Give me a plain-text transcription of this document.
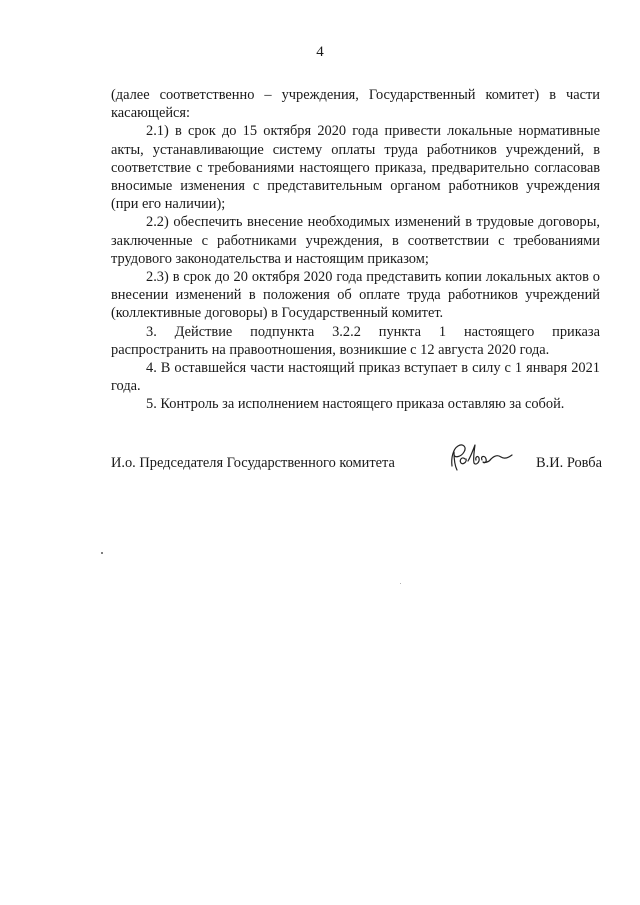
4

(далее соответственно – учреждения, Государственный комитет) в части касающейся:

2.1) в срок до 15 октября 2020 года привести локальные нормативные акты, устанавливающие систему оплаты труда работников учреждений, в соответствие с требованиями настоящего приказа, предварительно согласовав вносимые изменения с представительным органом работников учреждения (при его наличии);

2.2) обеспечить внесение необходимых изменений в трудовые договоры, заключенные с работниками учреждения, в соответствии с требованиями трудового законодательства и настоящим приказом;

2.3) в срок до 20 октября 2020 года представить копии локальных актов о внесении изменений в положения об оплате труда работников учреждений (коллективные договоры) в Государственный комитет.

3. Действие подпункта 3.2.2 пункта 1 настоящего приказа распространить на правоотношения, возникшие с 12 августа 2020 года.

4. В оставшейся части настоящий приказ вступает в силу с 1 января 2021 года.

5. Контроль за исполнением настоящего приказа оставляю за собой.

И.о. Председателя Государственного комитета	В.И. Ровба
